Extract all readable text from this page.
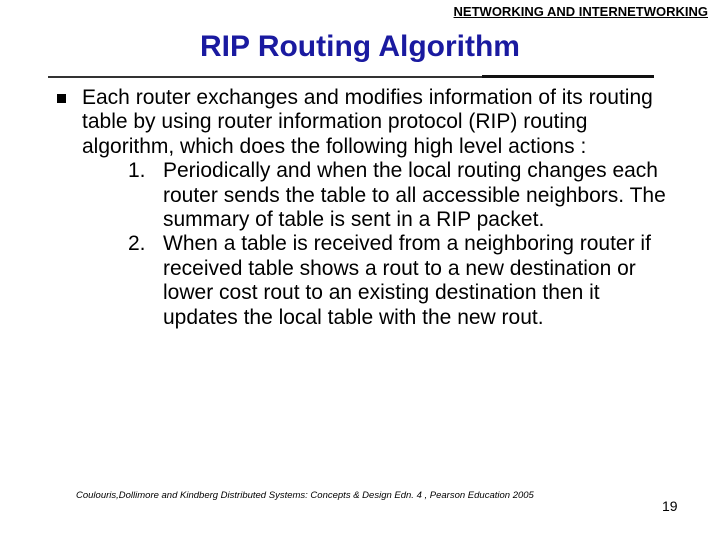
NETWORKING AND INTERNETWORKING
RIP Routing Algorithm
Each router exchanges and modifies information of its routing table by using router information protocol (RIP) routing algorithm, which does the following high level actions :
1. Periodically and when the local routing changes each router sends the table to all accessible neighbors. The summary of table is sent in a RIP packet.
2. When a table is received from a neighboring router if received table shows a rout to a new destination or lower cost rout to an existing destination then it updates the local table with the new rout.
Coulouris,Dollimore and Kindberg Distributed Systems: Concepts & Design Edn. 4 , Pearson Education 2005
19
